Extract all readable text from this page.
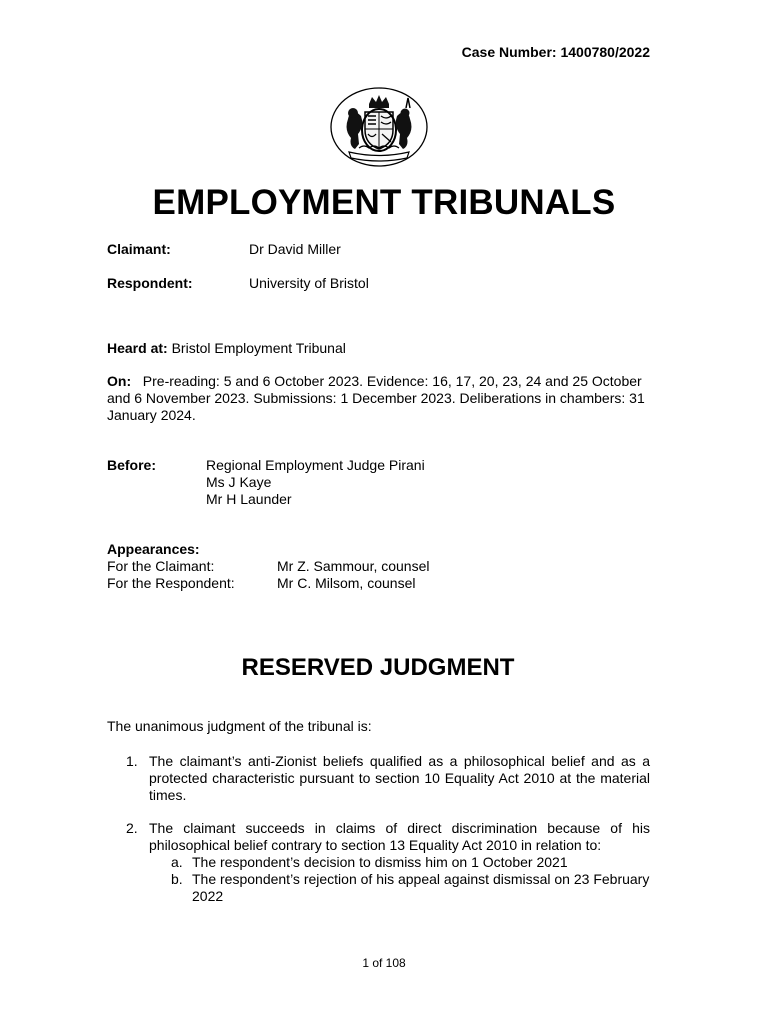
Case Number: 1400780/2022
EMPLOYMENT TRIBUNALS
Claimant:	Dr David Miller
Respondent:	University of Bristol
Heard at: Bristol Employment Tribunal
On: Pre-reading: 5 and 6 October 2023. Evidence: 16, 17, 20, 23, 24 and 25 October and 6 November 2023. Submissions: 1 December 2023. Deliberations in chambers: 31 January 2024.
Before:	Regional Employment Judge Pirani
Ms J Kaye
Mr H Launder
Appearances:
For the Claimant:	Mr Z. Sammour, counsel
For the Respondent:	Mr C. Milsom, counsel
RESERVED JUDGMENT
The unanimous judgment of the tribunal is:
1. The claimant’s anti-Zionist beliefs qualified as a philosophical belief and as a protected characteristic pursuant to section 10 Equality Act 2010 at the material times.
2. The claimant succeeds in claims of direct discrimination because of his philosophical belief contrary to section 13 Equality Act 2010 in relation to:
a. The respondent’s decision to dismiss him on 1 October 2021
b. The respondent’s rejection of his appeal against dismissal on 23 February 2022
1 of 108
